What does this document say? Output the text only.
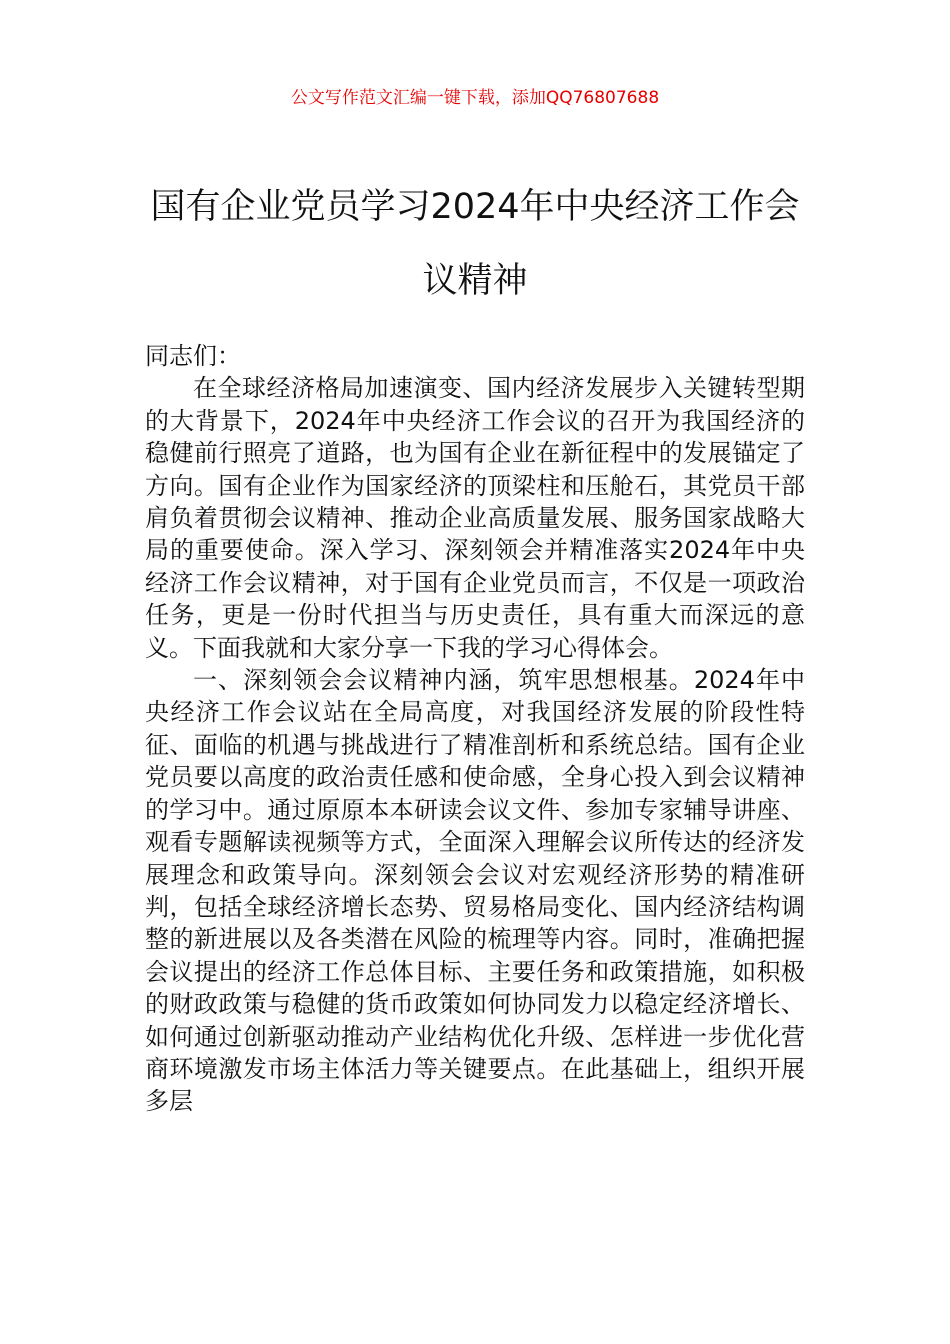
公文写作范文汇编一键下载，添加QQ76807688
国有企业党员学习2024年中央经济工作会
议精神

同志们：

在全球经济格局加速演变、国内经济发展步入关键转型期的大背景下，2024年中央经济工作会议的召开为我国经济的稳健前行照亮了道路，也为国有企业在新征程中的发展锚定了方向。国有企业作为国家经济的顶梁柱和压舱石，其党员干部肩负着贯彻会议精神、推动企业高质量发展、服务国家战略大局的重要使命。深入学习、深刻领会并精准落实2024年中央经济工作会议精神，对于国有企业党员而言，不仅是一项政治任务，更是一份时代担当与历史责任，具有重大而深远的意义。下面我就和大家分享一下我的学习心得体会。

一、深刻领会会议精神内涵，筑牢思想根基。2024年中央经济工作会议站在全局高度，对我国经济发展的阶段性特征、面临的机遇与挑战进行了精准剖析和系统总结。国有企业党员要以高度的政治责任感和使命感，全身心投入到会议精神的学习中。通过原原本本研读会议文件、参加专家辅导讲座、观看专题解读视频等方式，全面深入理解会议所传达的经济发展理念和政策导向。深刻领会会议对宏观经济形势的精准研判，包括全球经济增长态势、贸易格局变化、国内经济结构调整的新进展以及各类潜在风险的梳理等内容。同时，准确把握会议提出的经济工作总体目标、主要任务和政策措施，如积极的财政政策与稳健的货币政策如何协同发力以稳定经济增长、如何通过创新驱动推动产业结构优化升级、怎样进一步优化营商环境激发市场主体活力等关键要点。在此基础上，组织开展多层
